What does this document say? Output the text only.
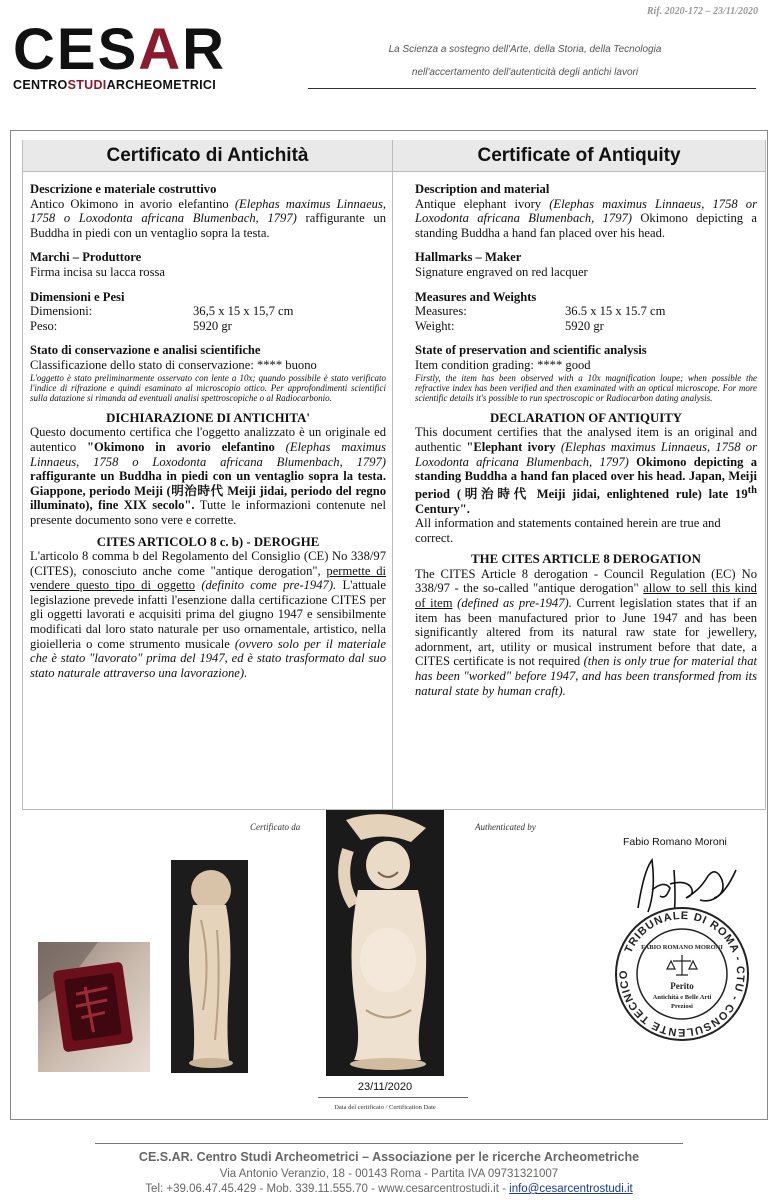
Rif. 2020-172 – 23/11/2020
CESAR
CENTROSTUDIARCHEOMETRICI
La Scienza a sostegno dell'Arte, della Storia, della Tecnologia
nell'accertamento dell'autenticità degli antichi lavori
Certificato di Antichità	Certificate of Antiquity
Descrizione e materiale costruttivo
Antico Okimono in avorio elefantino (Elephas maximus Linnaeus, 1758 o Loxodonta africana Blumenbach, 1797) raffigurante un Buddha in piedi con un ventaglio sopra la testa.
Marchi – Produttore
Firma incisa su lacca rossa
Dimensioni e Pesi
Dimensioni:	36,5 x 15 x 15,7 cm
Peso:	5920 gr
Stato di conservazione e analisi scientifiche
Classificazione dello stato di conservazione: **** buono
L'oggetto è stato preliminarmente osservato con lente a 10x; quando possibile è stato verificato l'indice di rifrazione e quindi esaminato al microscopio ottico. Per approfondimenti scientifici sulla datazione si rimanda ad eventuali analisi spettroscopiche o al Radiocarbonio.
DICHIARAZIONE DI ANTICHITA'
Questo documento certifica che l'oggetto analizzato è un originale ed autentico "Okimono in avorio elefantino (Elephas maximus Linnaeus, 1758 o Loxodonta africana Blumenbach, 1797) raffigurante un Buddha in piedi con un ventaglio sopra la testa. Giappone, periodo Meiji (明治時代 Meiji jidai, periodo del regno illuminato), fine XIX secolo". Tutte le informazioni contenute nel presente documento sono vere e corrette.
CITES ARTICOLO 8 c. b) - DEROGHE
L'articolo 8 comma b del Regolamento del Consiglio (CE) No 338/97 (CITES), conosciuto anche come "antique derogation", permette di vendere questo tipo di oggetto (definito come pre-1947). L'attuale legislazione prevede infatti l'esenzione dalla certificazione CITES per gli oggetti lavorati e acquisiti prima del giugno 1947 e sensibilmente modificati dal loro stato naturale per uso ornamentale, artistico, nella gioielleria o come strumento musicale (ovvero solo per il materiale che è stato "lavorato" prima del 1947, ed è stato trasformato dal suo stato naturale attraverso una lavorazione).
Description and material
Antique elephant ivory (Elephas maximus Linnaeus, 1758 or Loxodonta africana Blumenbach, 1797) Okimono depicting a standing Buddha a hand fan placed over his head.
Hallmarks – Maker
Signature engraved on red lacquer
Measures and Weights
Measures:	36.5 x 15 x 15.7 cm
Weight:	5920 gr
State of preservation and scientific analysis
Item condition grading: **** good
Firstly, the item has been observed with a 10x magnification loupe; when possible the refractive index has been verified and then examinated with an optical microscope. For more scientific details it's possible to run spectroscopic or Radiocarbon dating analysis.
DECLARATION OF ANTIQUITY
This document certifies that the analysed item is an original and authentic "Elephant ivory (Elephas maximus Linnaeus, 1758 or Loxodonta africana Blumenbach, 1797) Okimono depicting a standing Buddha a hand fan placed over his head. Japan, Meiji period (明治時代 Meiji jidai, enlightened rule) late 19th Century".
All information and statements contained herein are true and correct.
THE CITES ARTICLE 8 DEROGATION
The CITES Article 8 derogation - Council Regulation (EC) No 338/97 - the so-called "antique derogation" allow to sell this kind of item (defined as pre-1947). Current legislation states that if an item has been manufactured prior to June 1947 and has been significantly altered from its natural raw state for jewellery, adornment, art, utility or musical instrument before that date, a CITES certificate is not required (then is only true for material that has been "worked" before 1947, and has been transformed from its natural state by human craft).
Certificato da	Authenticated by
Fabio Romano Moroni
23/11/2020
Data del certificato / Certification Date
TRIBUNALE DI ROMA - CTU - CONSULENTE TECNICO
FABIO ROMANO MORONI
Perito
Antichità e Belle Arti
Preziosi
CE.S.AR. Centro Studi Archeometrici – Associazione per le ricerche Archeometriche
Via Antonio Veranzio, 18 - 00143 Roma - Partita IVA 09731321007
Tel: +39.06.47.45.429 - Mob. 339.11.555.70 - www.cesarcentrostudi.it - info@cesarcentrostudi.it
